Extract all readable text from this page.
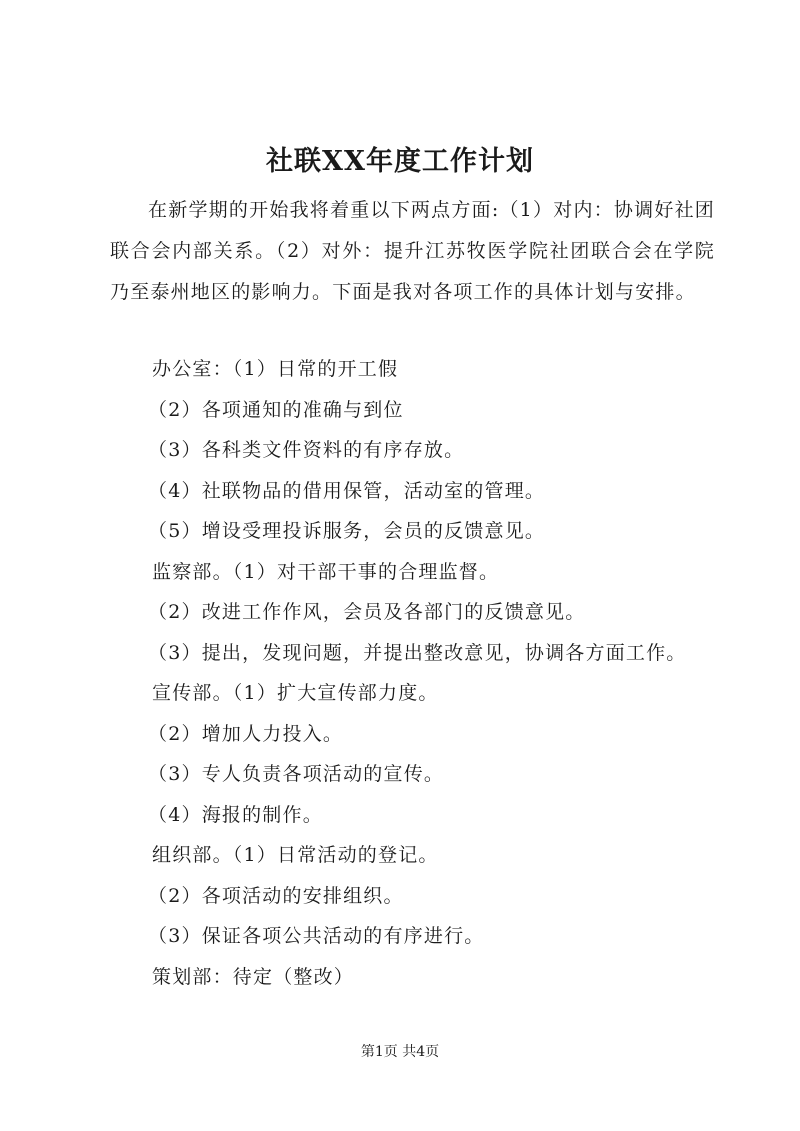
社联XX年度工作计划
在新学期的开始我将着重以下两点方面:（1）对内：协调好社团联合会内部关系。（2）对外：提升江苏牧医学院社团联合会在学院乃至泰州地区的影响力。下面是我对各项工作的具体计划与安排。
办公室：（1）日常的开工假
（2）各项通知的准确与到位
（3）各科类文件资料的有序存放。
（4）社联物品的借用保管，活动室的管理。
（5）增设受理投诉服务，会员的反馈意见。
监察部。（1）对干部干事的合理监督。
（2）改进工作作风，会员及各部门的反馈意见。
（3）提出，发现问题，并提出整改意见，协调各方面工作。
宣传部。（1）扩大宣传部力度。
（2）增加人力投入。
（3）专人负责各项活动的宣传。
（4）海报的制作。
组织部。（1）日常活动的登记。
（2）各项活动的安排组织。
（3）保证各项公共活动的有序进行。
策划部：待定（整改）
第1页 共4页
